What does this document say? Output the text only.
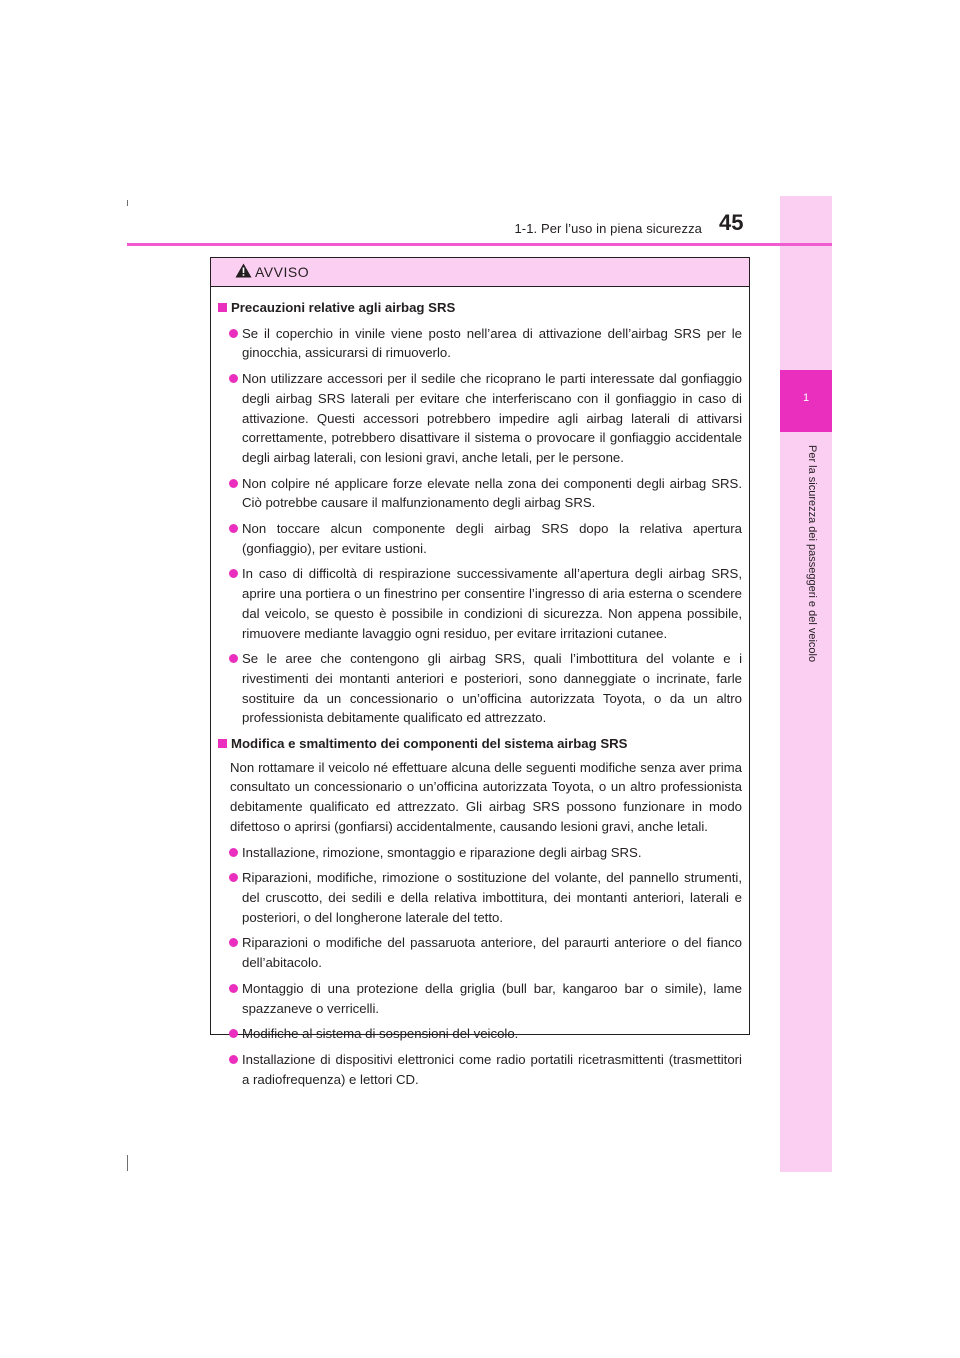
1
Per la sicurezza dei passeggeri e del veicolo
1-1. Per l’uso in piena sicurezza 45
AVVISO
Precauzioni relative agli airbag SRS
Se il coperchio in vinile viene posto nell’area di attivazione dell’airbag SRS per le ginocchia, assicurarsi di rimuoverlo.
Non utilizzare accessori per il sedile che ricoprano le parti interessate dal gonfiaggio degli airbag SRS laterali per evitare che interferiscano con il gonfiaggio in caso di attivazione. Questi accessori potrebbero impedire agli airbag laterali di attivarsi correttamente, potrebbero disattivare il sistema o provocare il gonfiaggio accidentale degli airbag laterali, con lesioni gravi, anche letali, per le persone.
Non colpire né applicare forze elevate nella zona dei componenti degli airbag SRS. Ciò potrebbe causare il malfunzionamento degli airbag SRS.
Non toccare alcun componente degli airbag SRS dopo la relativa apertura (gonfiaggio), per evitare ustioni.
In caso di difficoltà di respirazione successivamente all’apertura degli airbag SRS, aprire una portiera o un finestrino per consentire l’ingresso di aria esterna o scendere dal veicolo, se questo è possibile in condizioni di sicurezza. Non appena possibile, rimuovere mediante lavaggio ogni residuo, per evitare irritazioni cutanee.
Se le aree che contengono gli airbag SRS, quali l’imbottitura del volante e i rivestimenti dei montanti anteriori e posteriori, sono danneggiate o incrinate, farle sostituire da un concessionario o un’officina autorizzata Toyota, o da un altro professionista debitamente qualificato ed attrezzato.
Modifica e smaltimento dei componenti del sistema airbag SRS
Non rottamare il veicolo né effettuare alcuna delle seguenti modifiche senza aver prima consultato un concessionario o un’officina autorizzata Toyota, o un altro professionista debitamente qualificato ed attrezzato. Gli airbag SRS possono funzionare in modo difettoso o aprirsi (gonfiarsi) accidentalmente, causando lesioni gravi, anche letali.
Installazione, rimozione, smontaggio e riparazione degli airbag SRS.
Riparazioni, modifiche, rimozione o sostituzione del volante, del pannello strumenti, del cruscotto, dei sedili e della relativa imbottitura, dei montanti anteriori, laterali e posteriori, o del longherone laterale del tetto.
Riparazioni o modifiche del passaruota anteriore, del paraurti anteriore o del fianco dell’abitacolo.
Montaggio di una protezione della griglia (bull bar, kangaroo bar o simile), lame spazzaneve o verricelli.
Modifiche al sistema di sospensioni del veicolo.
Installazione di dispositivi elettronici come radio portatili ricetrasmittenti (trasmettitori a radiofrequenza) e lettori CD.
